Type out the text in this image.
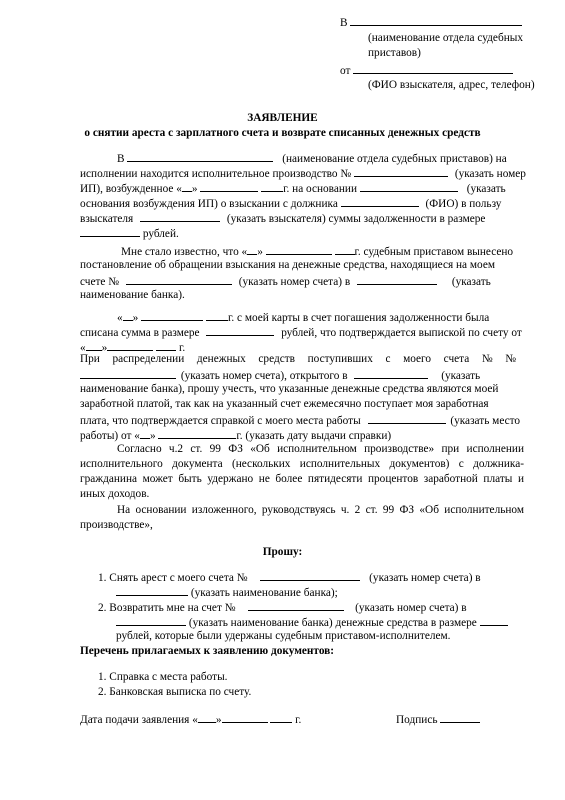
В
(наименование отдела судебных
приставов)
от
(ФИО взыскателя, адрес, телефон)
ЗАЯВЛЕНИЕ
о снятии ареста с зарплатного счета и возврате списанных денежных средств
В	(наименование отдела судебных приставов) на
исполнении находится исполнительное производство №	(указать номер
ИП), возбужденное « »	г. на основании	(указать
основания возбуждения ИП) о взыскании с должника	(ФИО) в пользу
взыскателя	(указать взыскателя) суммы задолженности в размере
рублей.
Мне стало известно, что « »	г. судебным приставом вынесено
постановление об обращении взыскания на денежные средства, находящиеся на моем
счете №	(указать номер счета) в	(указать
наименование банка).
« »	г. с моей карты в счет погашения задолженности была
списана сумма в размере	рублей, что подтверждается выпиской по счету от
« »	г.
При распределении денежных средств поступивших с моего счета № №
(указать номер счета), открытого в	(указать
наименование банка), прошу учесть, что указанные денежные средства являются моей
заработной платой, так как на указанный счет ежемесячно поступает моя заработная
плата, что подтверждается справкой с моего места работы	(указать место
работы) от « »	г. (указать дату выдачи справки)
Согласно ч.2 ст. 99 ФЗ «Об исполнительном производстве» при исполнении исполнительного документа (нескольких исполнительных документов) с должника-гражданина может быть удержано не более пятидесяти процентов заработной платы и иных доходов.
На основании изложенного, руководствуясь ч. 2 ст. 99 ФЗ «Об исполнительном производстве»,
Прошу:
1. Снять арест с моего счета №	(указать номер счета) в
(указать наименование банка);
2. Возвратить мне на счет №	(указать номер счета) в
(указать наименование банка) денежные средства в размере
рублей, которые были удержаны судебным приставом-исполнителем.
Перечень прилагаемых к заявлению документов:
1. Справка с места работы.
2. Банковская выписка по счету.
Дата подачи заявления « »	г.	Подпись
